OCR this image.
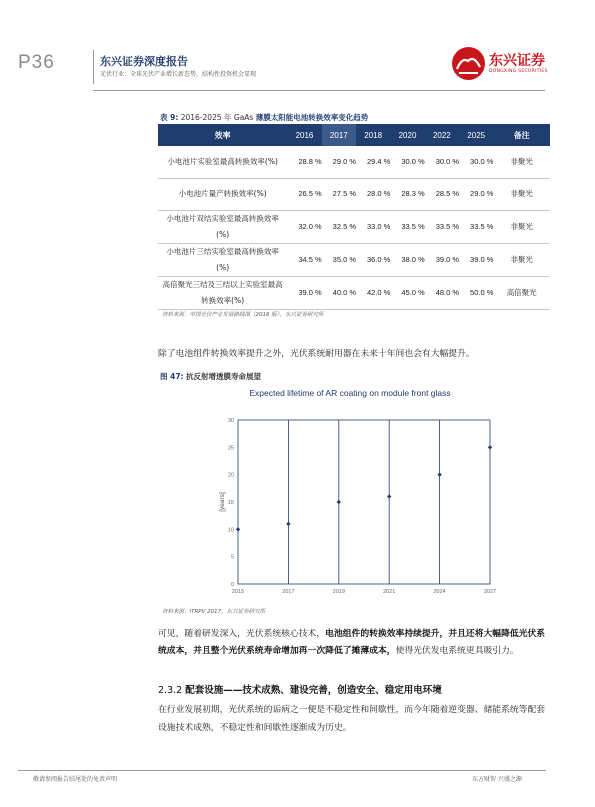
P36	东兴证券深度报告
光伏行业：全球光伏产业增长新态势，结构性投资机会显现
东兴证券
DONGXING SECURITIES
表 9: 2016-2025 年 GaAs 薄膜太阳能电池转换效率变化趋势
效率	2016	2017	2018	2020	2022	2025	备注
小电池片实验室最高转换效率(%)	28.8 %	29.0 %	29.4 %	30.0 %	30.0 %	30.0 %	非聚光
小电池片量产转换效率(%)	26.5 %	27.5 %	28.0 %	28.3 %	28.5 %	29.0 %	非聚光
小电池片双结实验室最高转换效率(%)	32.0 %	32.5 %	33.0 %	33.5 %	33.5 %	33.5 %	非聚光
小电池片三结实验室最高转换效率(%)	34.5 %	35.0 %	36.0 %	38.0 %	39.0 %	39.0 %	非聚光
高倍聚光三结及三结以上实验室最高转换效率(%)	39.0 %	40.0 %	42.0 %	45.0 %	48.0 %	50.0 %	高倍聚光
资料来源：中国光伏产业发展路线图（2016 版），东兴证券研究所
除了电池组件转换效率提升之外，光伏系统耐用器在未来十年间也会有大幅提升。
图 47: 抗反射增透膜寿命展望
Expected lifetime of AR coating on module front glass
[years]
0
5
10
15
20
25
30
2015	2017	2019	2021	2024	2027
资料来源：ITRPV 2017，东兴证券研究所
可见，随着研发深入，光伏系统核心技术，电池组件的转换效率持续提升，并且还将大幅降低光伏系统成本，并且整个光伏系统寿命增加再一次降低了摊薄成本，使得光伏发电系统更具吸引力。
2.3.2 配套设施——技术成熟、建设完善，创造安全、稳定用电环境
在行业发展初期，光伏系统的诟病之一便是不稳定性和间歇性，而今年随着逆变器、储能系统等配套设施技术成熟，不稳定性和间歇性逐渐成为历史。
敬请参阅报告结尾处的免责声明	东方财智 兴盛之源
